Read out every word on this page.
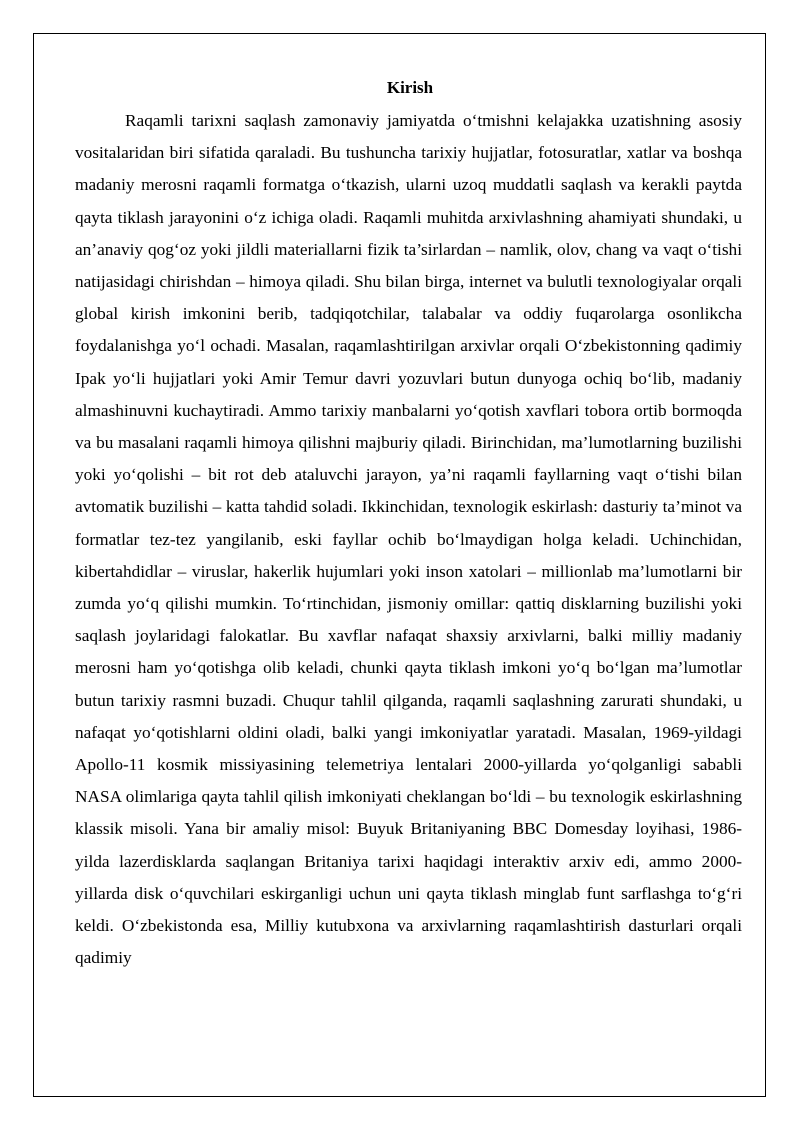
Kirish

Raqamli tarixni saqlash zamonaviy jamiyatda o‘tmishni kelajakka uzatishning asosiy vositalaridan biri sifatida qaraladi. Bu tushuncha tarixiy hujjatlar, fotosuratlar, xatlar va boshqa madaniy merosni raqamli formatga o‘tkazish, ularni uzoq muddatli saqlash va kerakli paytda qayta tiklash jarayonini o‘z ichiga oladi. Raqamli muhitda arxivlashning ahamiyati shundaki, u an’anaviy qog‘oz yoki jildli materiallarni fizik ta’sirlardan – namlik, olov, chang va vaqt o‘tishi natijasidagi chirishdan – himoya qiladi. Shu bilan birga, internet va bulutli texnologiyalar orqali global kirish imkonini berib, tadqiqotchilar, talabalar va oddiy fuqarolarga osonlikcha foydalanishga yo‘l ochadi. Masalan, raqamlashtirilgan arxivlar orqali O‘zbekistonning qadimiy Ipak yo‘li hujjatlari yoki Amir Temur davri yozuvlari butun dunyoga ochiq bo‘lib, madaniy almashinuvni kuchaytiradi. Ammo tarixiy manbalarni yo‘qotish xavflari tobora ortib bormoqda va bu masalani raqamli himoya qilishni majburiy qiladi. Birinchidan, ma’lumotlarning buzilishi yoki yo‘qolishi – bit rot deb ataluvchi jarayon, ya’ni raqamli fayllarning vaqt o‘tishi bilan avtomatik buzilishi – katta tahdid soladi. Ikkinchidan, texnologik eskirlash: dasturiy ta’minot va formatlar tez-tez yangilanib, eski fayllar ochib bo‘lmaydigan holga keladi. Uchinchidan, kibertahdidlar – viruslar, hakerlik hujumlari yoki inson xatolari – millionlab ma’lumotlarni bir zumda yo‘q qilishi mumkin. To‘rtinchidan, jismoniy omillar: qattiq disklarning buzilishi yoki saqlash joylaridagi falokatlar. Bu xavflar nafaqat shaxsiy arxivlarni, balki milliy madaniy merosni ham yo‘qotishga olib keladi, chunki qayta tiklash imkoni yo‘q bo‘lgan ma’lumotlar butun tarixiy rasmni buzadi. Chuqur tahlil qilganda, raqamli saqlashning zarurati shundaki, u nafaqat yo‘qotishlarni oldini oladi, balki yangi imkoniyatlar yaratadi. Masalan, 1969-yildagi Apollo-11 kosmik missiyasining telemetriya lentalari 2000-yillarda yo‘qolganligi sababli NASA olimlariga qayta tahlil qilish imkoniyati cheklangan bo‘ldi – bu texnologik eskirlashning klassik misoli. Yana bir amaliy misol: Buyuk Britaniyaning BBC Domesday loyihasi, 1986-yilda lazerdisklarda saqlangan Britaniya tarixi haqidagi interaktiv arxiv edi, ammo 2000-yillarda disk o‘quvchilari eskirganligi uchun uni qayta tiklash minglab funt sarflashga to‘g‘ri keldi. O‘zbekistonda esa, Milliy kutubxona va arxivlarning raqamlashtirish dasturlari orqali qadimiy
